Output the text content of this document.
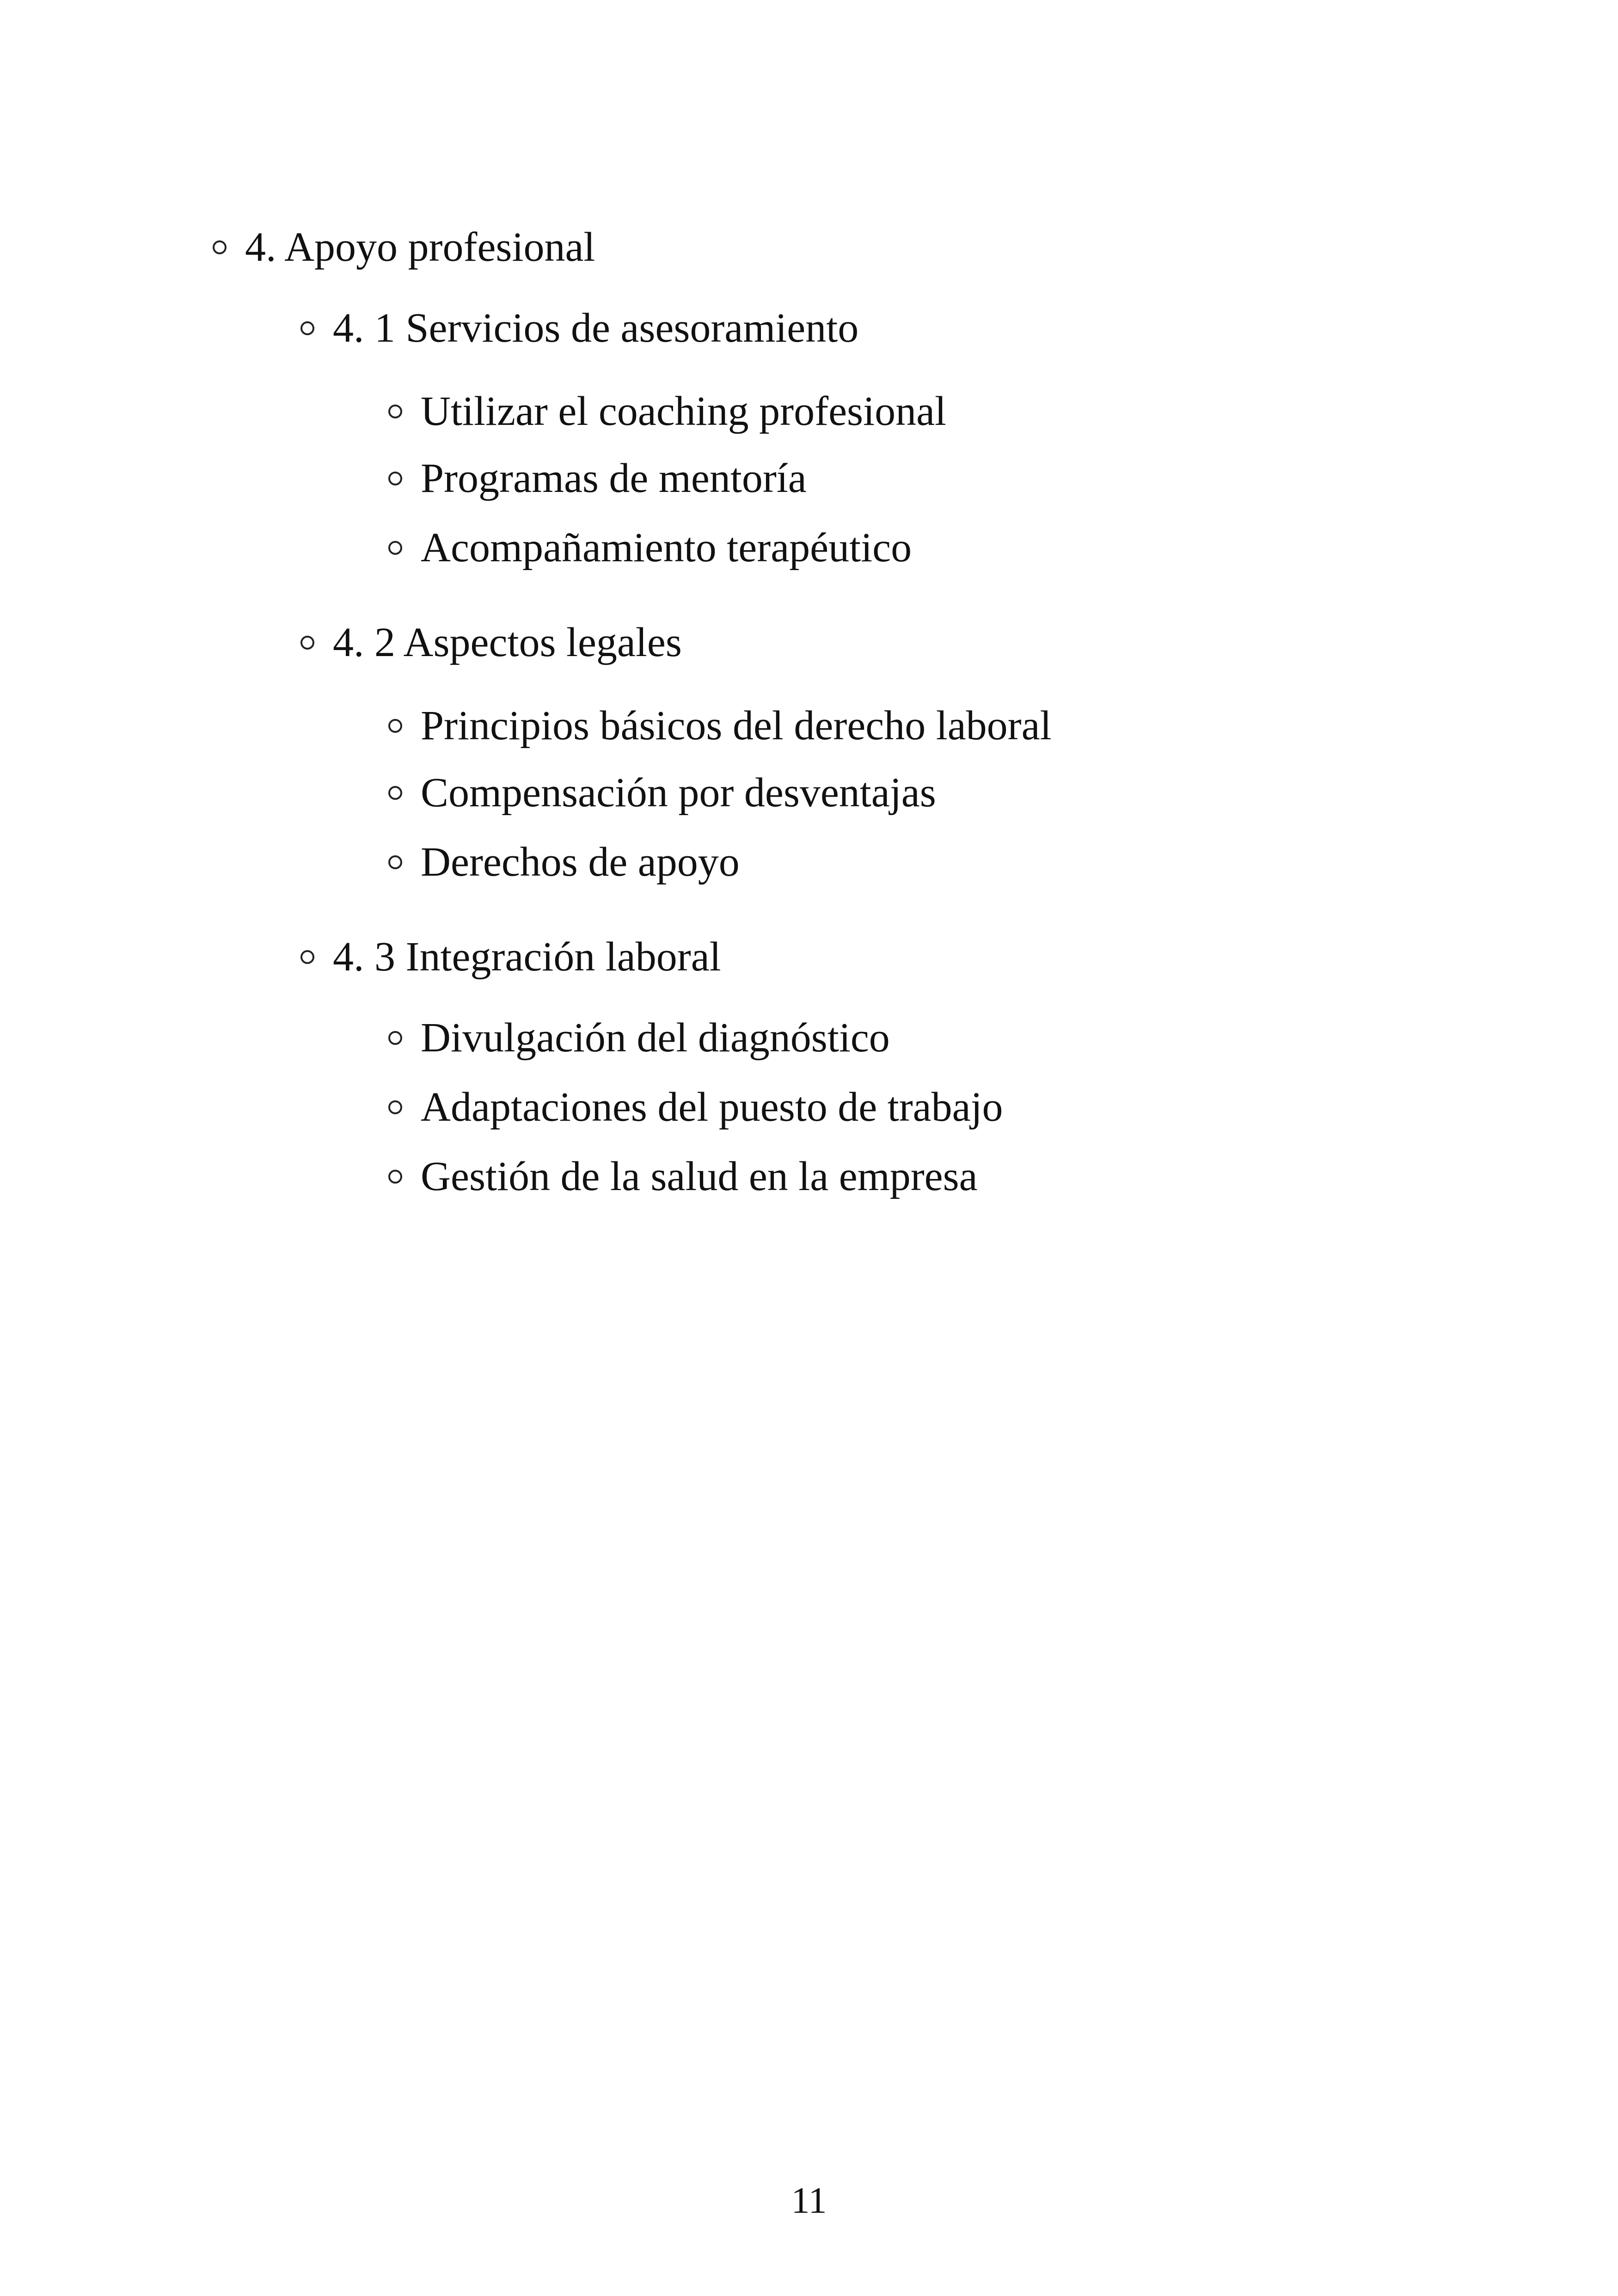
4. Apoyo profesional
4. 1 Servicios de asesoramiento
Utilizar el coaching profesional
Programas de mentoría
Acompañamiento terapéutico
4. 2 Aspectos legales
Principios básicos del derecho laboral
Compensación por desventajas
Derechos de apoyo
4. 3 Integración laboral
Divulgación del diagnóstico
Adaptaciones del puesto de trabajo
Gestión de la salud en la empresa
11
